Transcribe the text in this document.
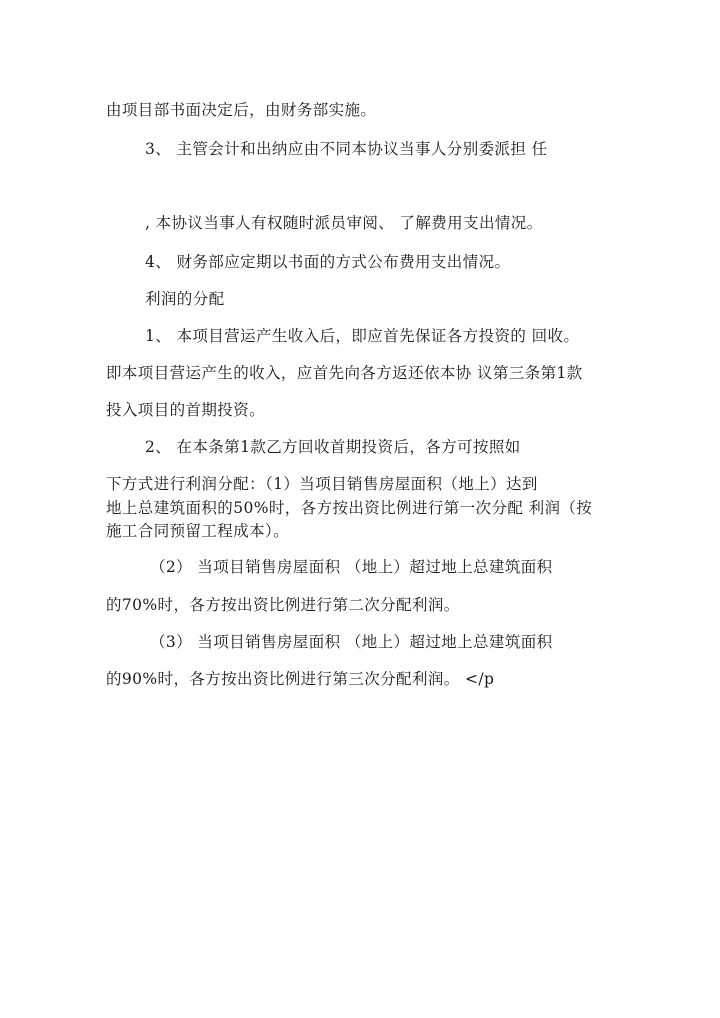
由项目部书面决定后，由财务部实施。
3、 主管会计和出纳应由不同本协议当事人分别委派担 任
, 本协议当事人有权随时派员审阅、 了解费用支出情况。
4、 财务部应定期以书面的方式公布费用支出情况。
利润的分配
1、 本项目营运产生收入后，即应首先保证各方投资的 回收。
即本项目营运产生的收入，应首先向各方返还依本协 议第三条第1款
投入项目的首期投资。
2、 在本条第1款乙方回收首期投资后，各方可按照如
下方式进行利润分配：（1）当项目销售房屋面积（地上）达到
地上总建筑面积的50%时，各方按出资比例进行第一次分配 利润（按
施工合同预留工程成本）。
（2） 当项目销售房屋面积 （地上）超过地上总建筑面积
的70%时，各方按出资比例进行第二次分配利润。
（3） 当项目销售房屋面积 （地上）超过地上总建筑面积
的90%时，各方按出资比例进行第三次分配利润。 </p
